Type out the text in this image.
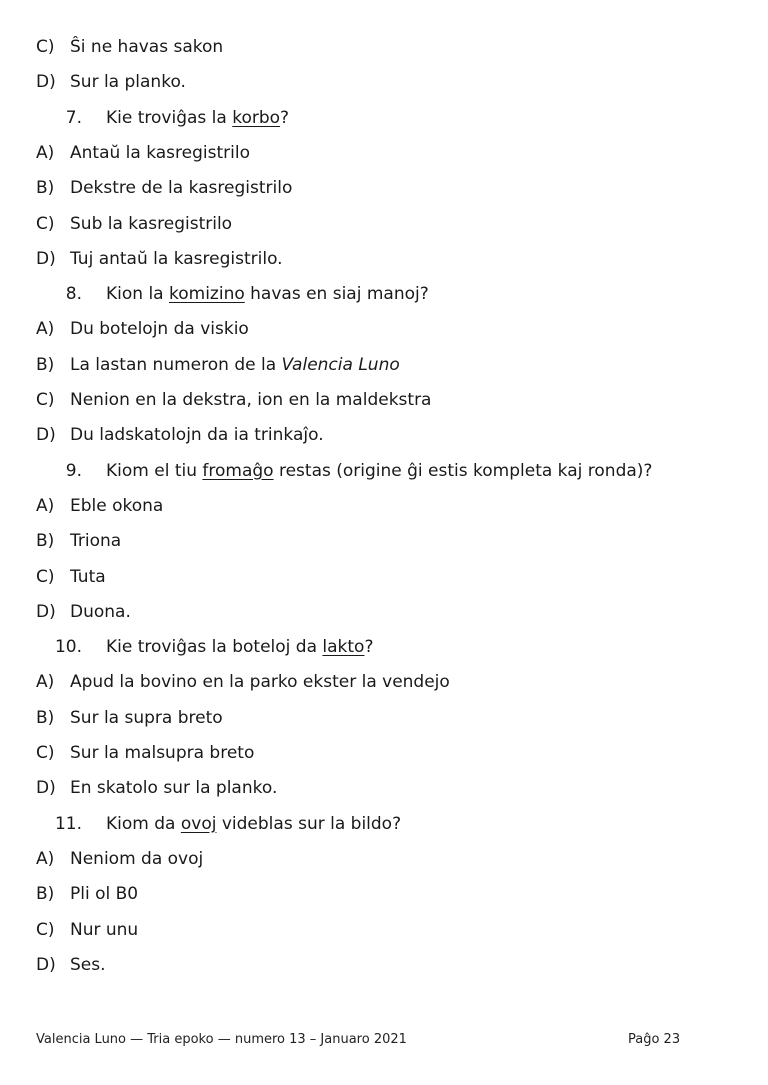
C) Ŝi ne havas sakon
D) Sur la planko.
7. Kie troviĝas la korbo?
A) Antaŭ la kasregistrilo
B) Dekstre de la kasregistrilo
C) Sub la kasregistrilo
D) Tuj antaŭ la kasregistrilo.
8. Kion la komizino havas en siaj manoj?
A) Du botelojn da viskio
B) La lastan numeron de la Valencia Luno
C) Nenion en la dekstra, ion en la maldekstra
D) Du ladskatolojn da ia trinkaĵo.
9. Kiom el tiu fromaĝo restas (origine ĝi estis kompleta kaj ronda)?
A) Eble okona
B) Triona
C) Tuta
D) Duona.
10. Kie troviĝas la boteloj da lakto?
A) Apud la bovino en la parko ekster la vendejo
B) Sur la supra breto
C) Sur la malsupra breto
D) En skatolo sur la planko.
11. Kiom da ovoj videblas sur la bildo?
A) Neniom da ovoj
B) Pli ol B0
C) Nur unu
D) Ses.
Valencia Luno — Tria epoko — numero 13 – Januaro 2021	Paĝo 23
